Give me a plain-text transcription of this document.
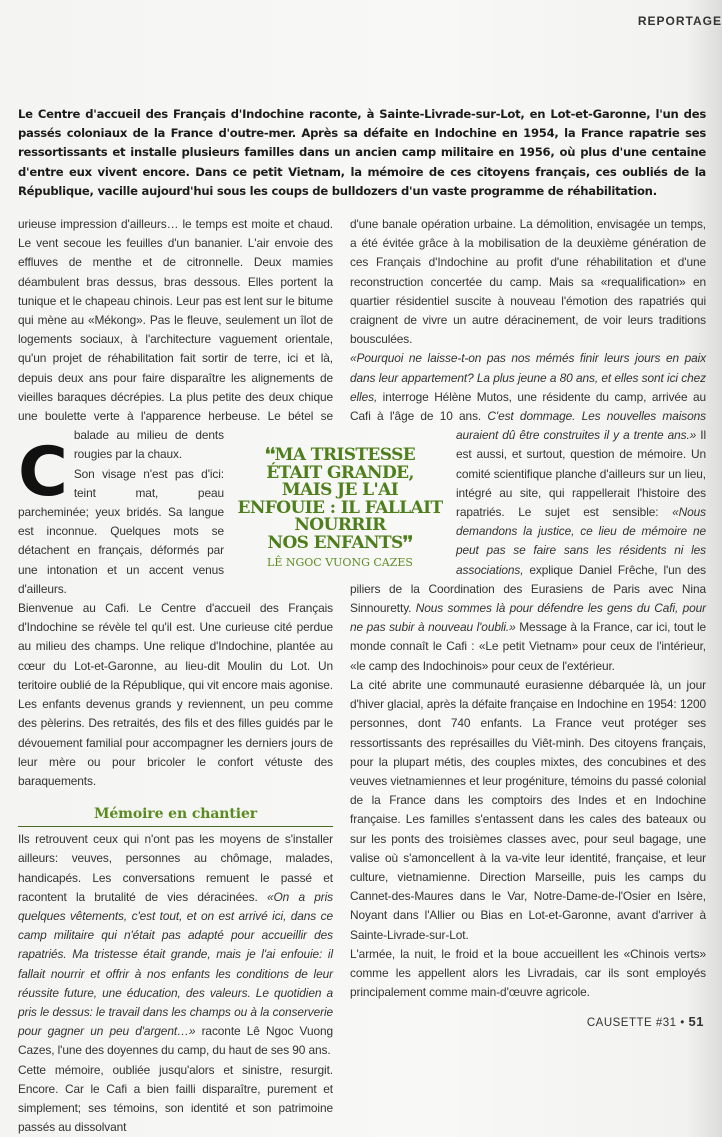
REPORTAGE
Le Centre d'accueil des Français d'Indochine raconte, à Sainte-Livrade-sur-Lot, en Lot-et-Garonne, l'un des passés coloniaux de la France d'outre-mer. Après sa défaite en Indochine en 1954, la France rapatrie ses ressortissants et installe plusieurs familles dans un ancien camp militaire en 1956, où plus d'une centaine d'entre eux vivent encore. Dans ce petit Vietnam, la mémoire de ces citoyens français, ces oubliés de la République, vacille aujourd'hui sous les coups de bulldozers d'un vaste programme de réhabilitation.

C
urieuse impression d'ailleurs… le temps est moite et chaud. Le vent secoue les feuilles d'un bananier. L'air envoie des effluves de menthe et de citronnelle. Deux mamies déambulent bras dessus, bras dessous. Elles portent la tunique et le chapeau chinois. Leur pas est lent sur le bitume qui mène au «Mékong». Pas le fleuve, seulement un îlot de logements sociaux, à l'architecture vaguement orientale, qu'un projet de réhabilitation fait sortir de terre, ici et là, depuis deux ans pour faire disparaître les alignements de vieilles baraques décrépies. La plus petite des deux chique une boulette verte à l'apparence herbeuse. Le bétel se balade au milieu de dents rougies par la chaux.

Son visage n'est pas d'ici: teint mat, peau parcheminée; yeux bridés. Sa langue est inconnue. Quelques mots se détachent en français, déformés par une intonation et un accent venus d'ailleurs.

Bienvenue au Cafi. Le Centre d'accueil des Français d'Indochine se révèle tel qu'il est. Une curieuse cité perdue au milieu des champs. Une relique d'Indochine, plantée au cœur du Lot-et-Garonne, au lieu-dit Moulin du Lot. Un teritoire oublié de la République, qui vit encore mais agonise. Les enfants devenus grands y reviennent, un peu comme des pèlerins. Des retraités, des fils et des filles guidés par le dévouement familial pour accompagner les derniers jours de leur mère ou pour bricoler le confort vétuste des baraquements.

Mémoire en chantier

Ils retrouvent ceux qui n'ont pas les moyens de s'installer ailleurs: veuves, personnes au chômage, malades, handicapés. Les conversations remuent le passé et racontent la brutalité de vies déracinées. «On a pris quelques vêtements, c'est tout, et on est arrivé ici, dans ce camp militaire qui n'était pas adapté pour accueillir des rapatriés. Ma tristesse était grande, mais je l'ai enfouie: il fallait nourrir et offrir à nos enfants les conditions de leur réussite future, une éducation, des valeurs. Le quotidien a pris le dessus: le travail dans les champs ou à la conserverie pour gagner un peu d'argent…» raconte Lê Ngoc Vuong Cazes, l'une des doyennes du camp, du haut de ses 90 ans.

Cette mémoire, oubliée jusqu'alors et sinistre, resurgit. Encore. Car le Cafi a bien failli disparaître, purement et simplement; ses témoins, son identité et son patrimoine passés au dissolvant

d'une banale opération urbaine. La démolition, envisagée un temps, a été évitée grâce à la mobilisation de la deuxième génération de ces Français d'Indochine au profit d'une réhabilitation et d'une reconstruction concertée du camp. Mais sa «requalification» en quartier résidentiel suscite à nouveau l'émotion des rapatriés qui craignent de vivre un autre déracinement, de voir leurs traditions bousculées.

«Pourquoi ne laisse-t-on pas nos mémés finir leurs jours en paix dans leur appartement? La plus jeune a 80 ans, et elles sont ici chez elles, interroge Hélène Mutos, une résidente du camp, arrivée au Cafi à l'âge de 10 ans. C'est dommage. Les nouvelles maisons auraient dû être construites il y a trente ans.» Il est aussi, et surtout, question de mémoire. Un comité scientifique planche d'ailleurs sur un lieu, intégré au site, qui rappellerait l'histoire des rapatriés. Le sujet est sensible: «Nous demandons la justice, ce lieu de mémoire ne peut pas se faire sans les résidents ni les associations, explique Daniel Frêche, l'un des piliers de la Coordination des Eurasiens de Paris avec Nina Sinnouretty. Nous sommes là pour défendre les gens du Cafi, pour ne pas subir à nouveau l'oubli.» Message à la France, car ici, tout le monde connaît le Cafi : «Le petit Vietnam» pour ceux de l'intérieur, «le camp des Indochinois» pour ceux de l'extérieur.

La cité abrite une communauté eurasienne débarquée là, un jour d'hiver glacial, après la défaite française en Indochine en 1954: 1200 personnes, dont 740 enfants. La France veut protéger ses ressortissants des représailles du Viêt-minh. Des citoyens français, pour la plupart métis, des couples mixtes, des concubines et des veuves vietnamiennes et leur progéniture, témoins du passé colonial de la France dans les comptoirs des Indes et en Indochine française. Les familles s'entassent dans les cales des bateaux ou sur les ponts des troisièmes classes avec, pour seul bagage, une valise où s'amoncellent à la va-vite leur identité, française, et leur culture, vietnamienne. Direction Marseille, puis les camps du Cannet-des-Maures dans le Var, Notre-Dame-de-l'Osier en Isère, Noyant dans l'Allier ou Bias en Lot-et-Garonne, avant d'arriver à Sainte-Livrade-sur-Lot.

L'armée, la nuit, le froid et la boue accueillent les «Chinois verts» comme les appellent alors les Livradais, car ils sont employés principalement comme main-d'œuvre agricole.

❛❛MA TRISTESSE
ÉTAIT GRANDE,
MAIS JE L'AI
ENFOUIE : IL FALLAIT
NOURRIR
NOS ENFANTS❜❜
LÊ NGOC VUONG CAZES
CAUSETTE #31 • 51
